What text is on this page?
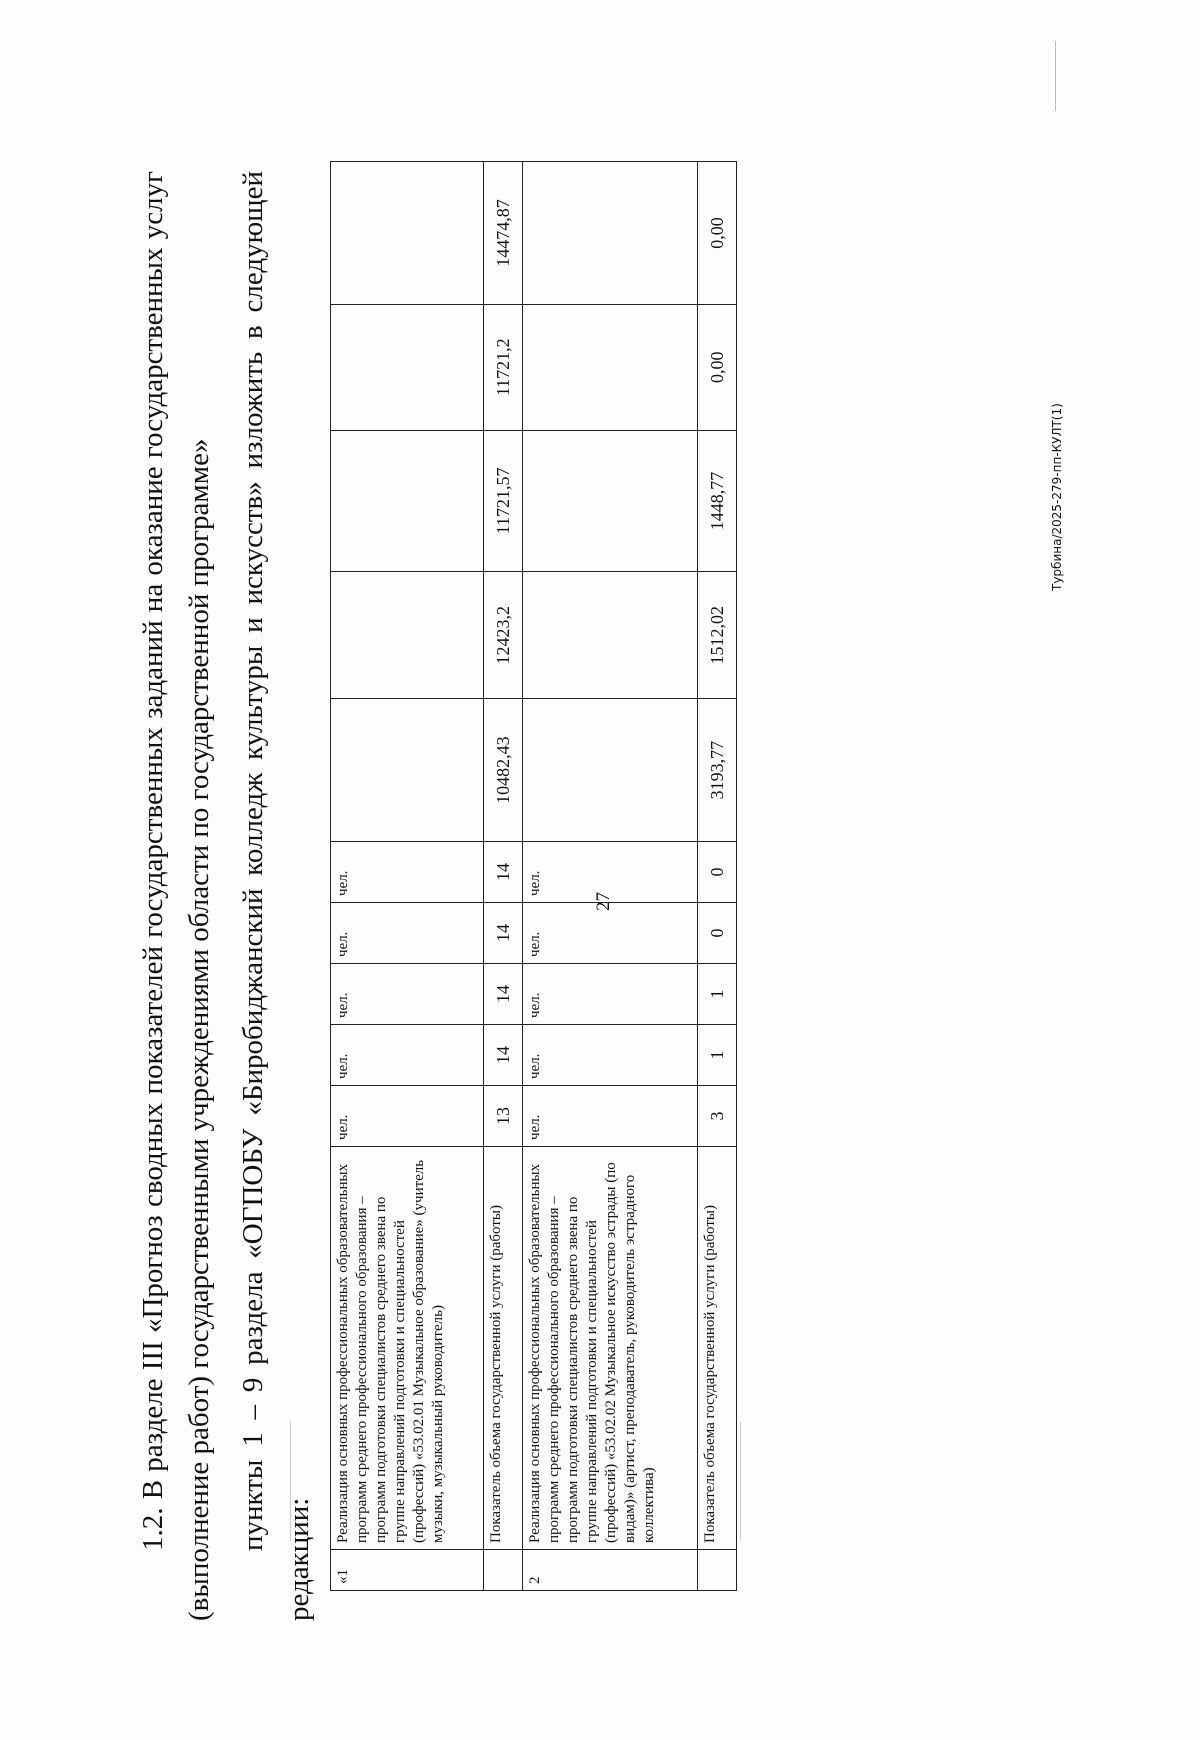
27
1.2. В разделе III «Прогноз сводных показателей государственных заданий на оказание государственных услуг (выполнение работ) государственными учреждениями области по государственной программе» пункты 1 – 9 раздела «ОГПОБУ «Биробиджанский колледж культуры и искусств» изложить в следующей редакции:	«1	Реализация основных профессиональных образовательных программ среднего профессионального образования – программ подготовки специалистов среднего звена по группе направлений подготовки и специальностей (профессий) «53.02.01 Музыкальное образование» (учитель музыки, музыкальный руководитель)	чел.	чел.	чел.	чел.	чел.					
	Показатель объема государственной услуги (работы)	13	14	14	14	14	10482,43	12423,2	11721,57	11721,2	14474,87
2	Реализация основных профессиональных образовательных программ среднего профессионального образования – программ подготовки специалистов среднего звена по группе направлений подготовки и специальностей (профессий) «53.02.02 Музыкальное искусство эстрады (по видам)» (артист, преподаватель, руководитель эстрадного коллектива)	чел.	чел.	чел.	чел.	чел.					
	Показатель объема государственной услуги (работы)	3	1	1	0	0	3193,77	1512,02	1448,77	0,00	0,00
Турбина/2025-279-пп-КУЛТ(1)
